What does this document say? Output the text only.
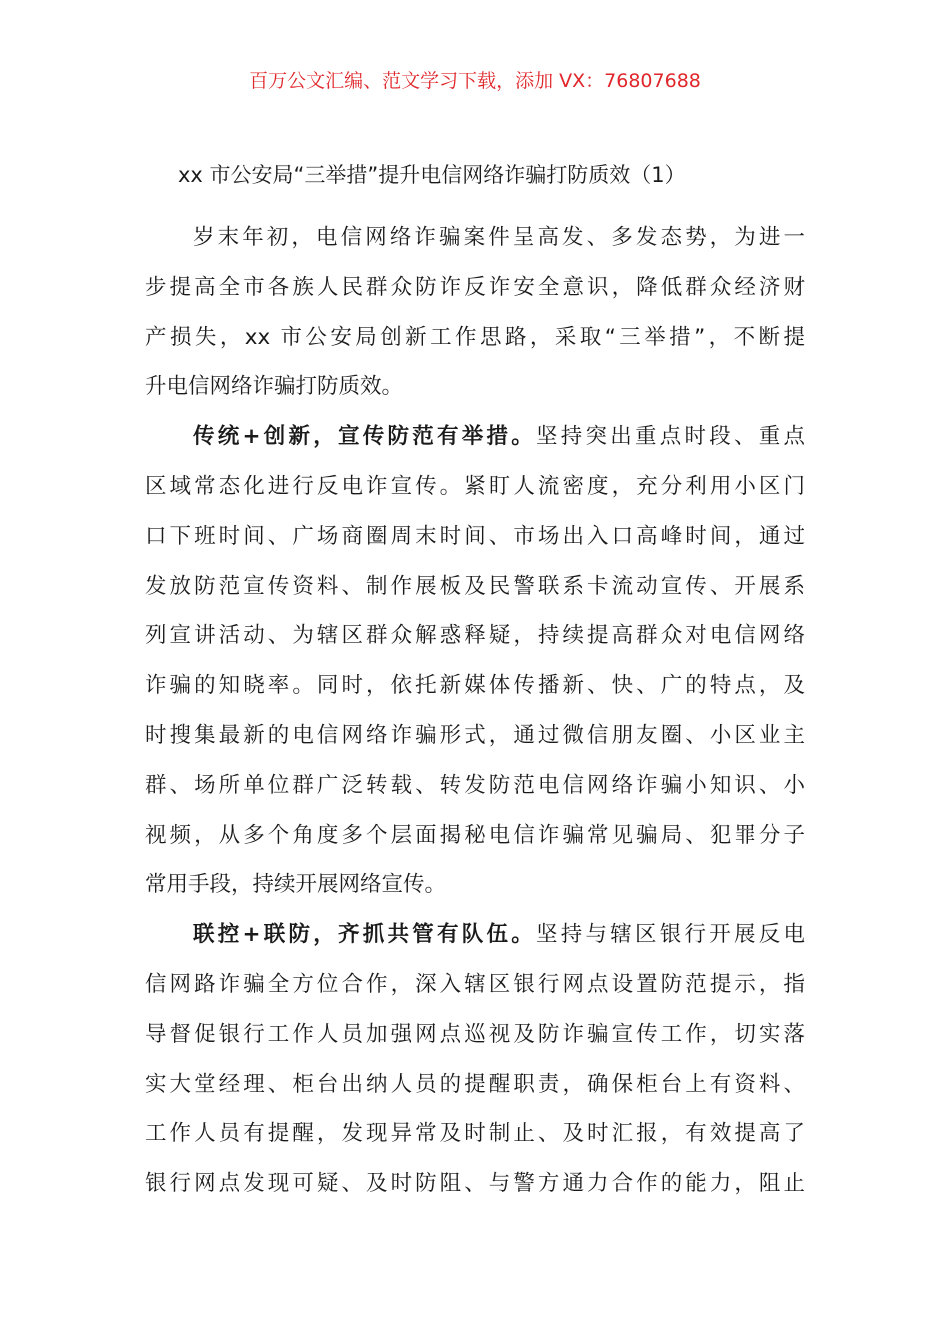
百万公文汇编、范文学习下载，添加 VX：76807688
xx 市公安局“三举措”提升电信网络诈骗打防质效（1）
岁末年初，电信网络诈骗案件呈高发、多发态势，为进一
步提高全市各族人民群众防诈反诈安全意识，降低群众经济财
产损失，xx 市公安局创新工作思路，采取“三举措”，不断提
升电信网络诈骗打防质效。
传统+创新，宣传防范有举措。坚持突出重点时段、重点
区域常态化进行反电诈宣传。紧盯人流密度，充分利用小区门
口下班时间、广场商圈周末时间、市场出入口高峰时间，通过
发放防范宣传资料、制作展板及民警联系卡流动宣传、开展系
列宣讲活动、为辖区群众解惑释疑，持续提高群众对电信网络
诈骗的知晓率。同时，依托新媒体传播新、快、广的特点，及
时搜集最新的电信网络诈骗形式，通过微信朋友圈、小区业主
群、场所单位群广泛转载、转发防范电信网络诈骗小知识、小
视频，从多个角度多个层面揭秘电信诈骗常见骗局、犯罪分子
常用手段，持续开展网络宣传。
联控+联防，齐抓共管有队伍。坚持与辖区银行开展反电
信网路诈骗全方位合作，深入辖区银行网点设置防范提示，指
导督促银行工作人员加强网点巡视及防诈骗宣传工作，切实落
实大堂经理、柜台出纳人员的提醒职责，确保柜台上有资料、
工作人员有提醒，发现异常及时制止、及时汇报，有效提高了
银行网点发现可疑、及时防阻、与警方通力合作的能力，阻止
